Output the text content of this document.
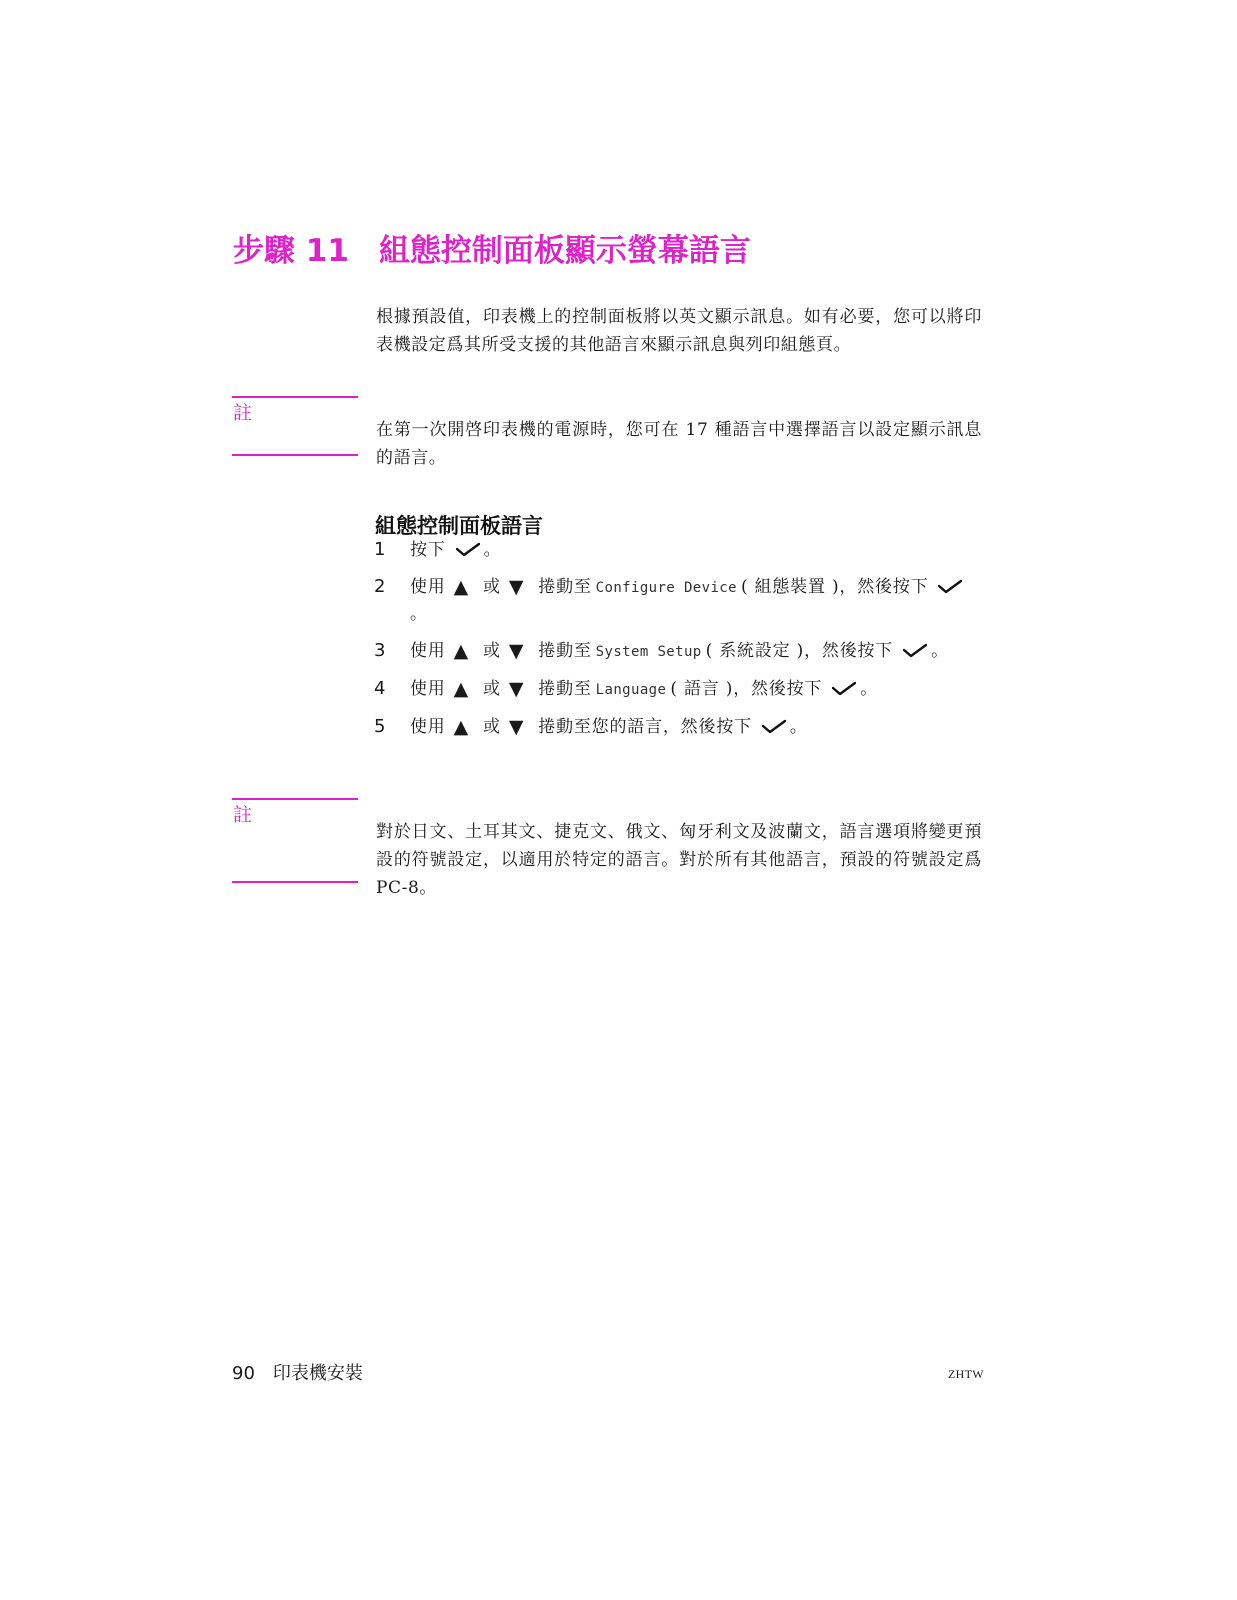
步驟 11 組態控制面板顯示螢幕語言

根據預設值，印表機上的控制面板將以英文顯示訊息。如有必要，您可以將印表機設定爲其所受支援的其他語言來顯示訊息與列印組態頁。

註

在第一次開啓印表機的電源時，您可在 17 種語言中選擇語言以設定顯示訊息的語言。

組態控制面板語言
1 按下 。
2 使用 ▲ 或 ▼ 捲動至 Configure Device ( 組態裝置 )，然後按下。
3 使用 ▲ 或 ▼ 捲動至 System Setup ( 系統設定 )，然後按下 。
4 使用 ▲ 或 ▼ 捲動至 Language ( 語言 )，然後按下 。
5 使用 ▲ 或 ▼ 捲動至您的語言，然後按下 。
註

對於日文、土耳其文、捷克文、俄文、匈牙利文及波蘭文，語言選項將變更預設的符號設定，以適用於特定的語言。對於所有其他語言，預設的符號設定爲 PC-8。

90 印表機安裝	ZHTW
